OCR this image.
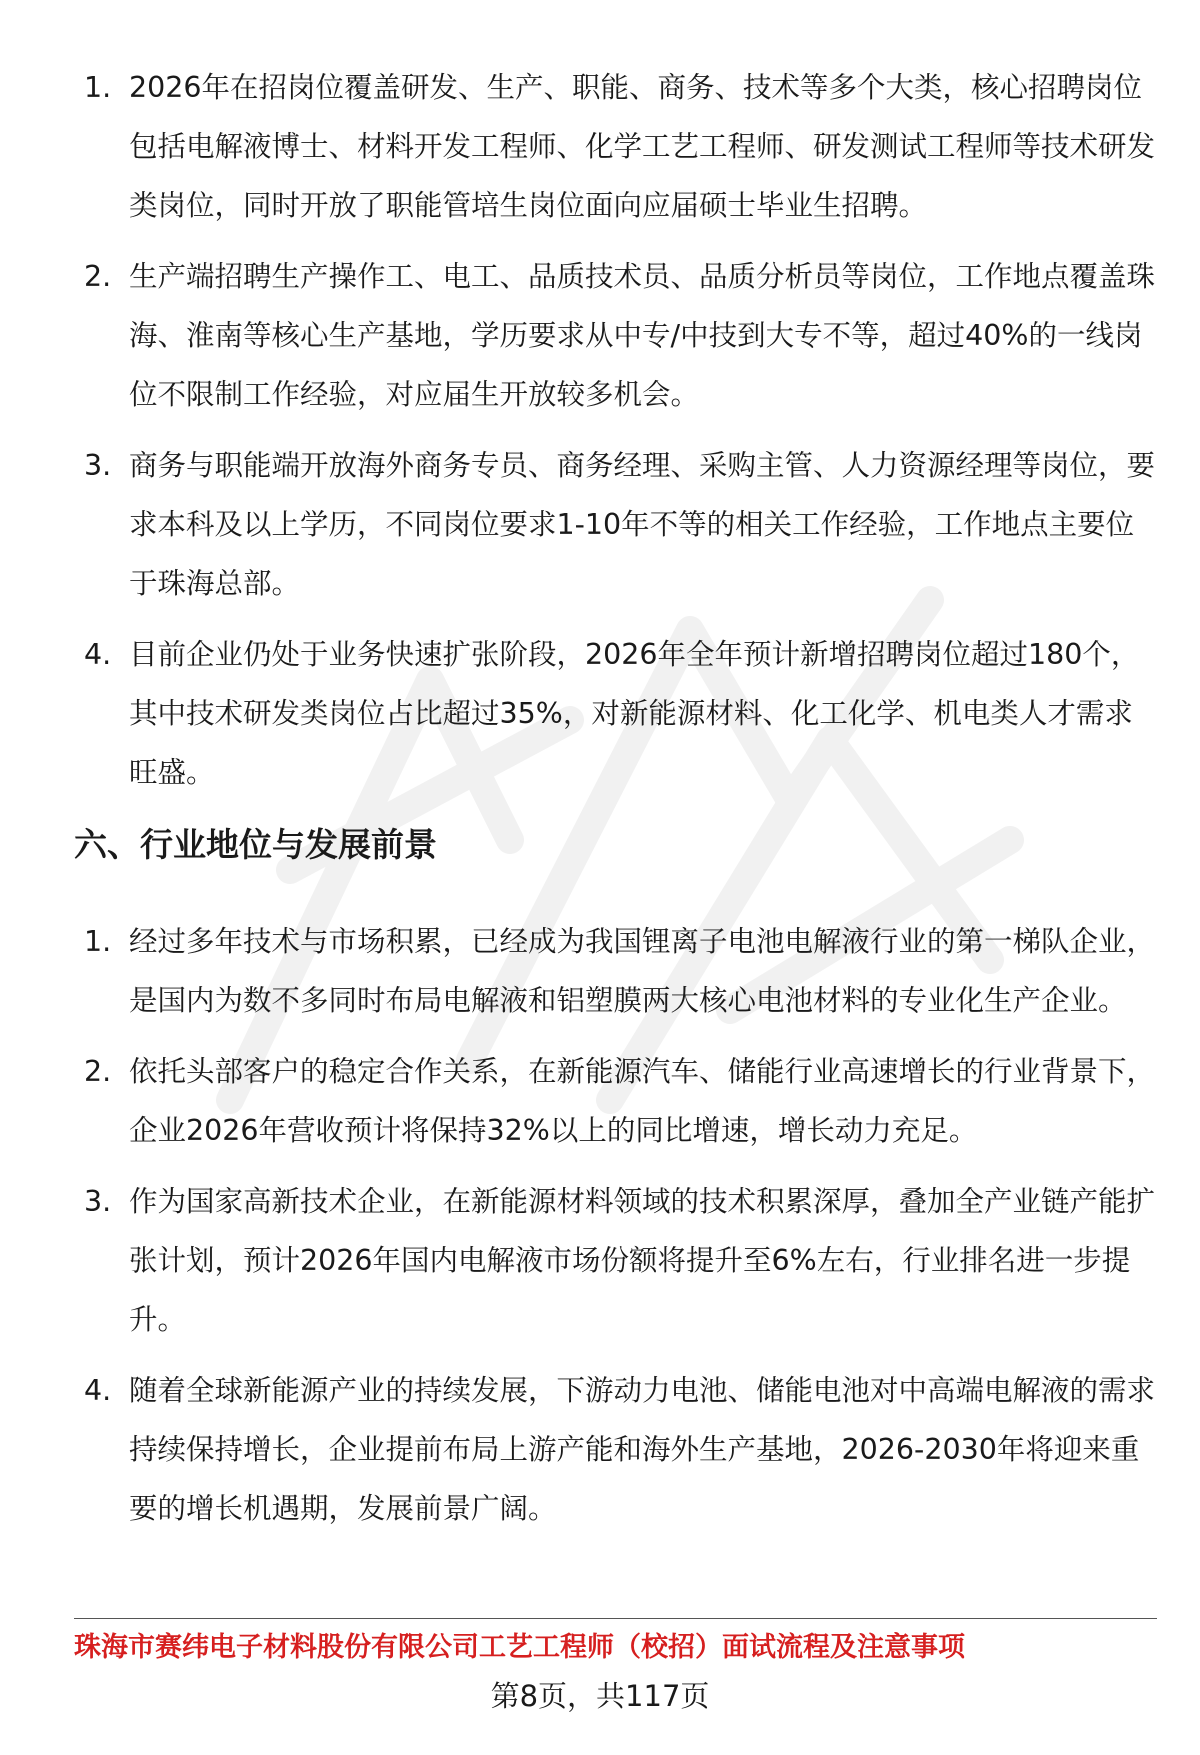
1. 2026年在招岗位覆盖研发、生产、职能、商务、技术等多个大类，核心招聘岗位包括电解液博士、材料开发工程师、化学工艺工程师、研发测试工程师等技术研发类岗位，同时开放了职能管培生岗位面向应届硕士毕业生招聘。
2. 生产端招聘生产操作工、电工、品质技术员、品质分析员等岗位，工作地点覆盖珠海、淮南等核心生产基地，学历要求从中专/中技到大专不等，超过40%的一线岗位不限制工作经验，对应届生开放较多机会。
3. 商务与职能端开放海外商务专员、商务经理、采购主管、人力资源经理等岗位，要求本科及以上学历，不同岗位要求1-10年不等的相关工作经验，工作地点主要位于珠海总部。
4. 目前企业仍处于业务快速扩张阶段，2026年全年预计新增招聘岗位超过180个，其中技术研发类岗位占比超过35%，对新能源材料、化工化学、机电类人才需求旺盛。
六、行业地位与发展前景
1. 经过多年技术与市场积累，已经成为我国锂离子电池电解液行业的第一梯队企业，是国内为数不多同时布局电解液和铝塑膜两大核心电池材料的专业化生产企业。
2. 依托头部客户的稳定合作关系，在新能源汽车、储能行业高速增长的行业背景下，企业2026年营收预计将保持32%以上的同比增速，增长动力充足。
3. 作为国家高新技术企业，在新能源材料领域的技术积累深厚，叠加全产业链产能扩张计划，预计2026年国内电解液市场份额将提升至6%左右，行业排名进一步提升。
4. 随着全球新能源产业的持续发展，下游动力电池、储能电池对中高端电解液的需求持续保持增长，企业提前布局上游产能和海外生产基地，2026-2030年将迎来重要的增长机遇期，发展前景广阔。

珠海市赛纬电子材料股份有限公司工艺工程师（校招）面试流程及注意事项

第8页，共117页
